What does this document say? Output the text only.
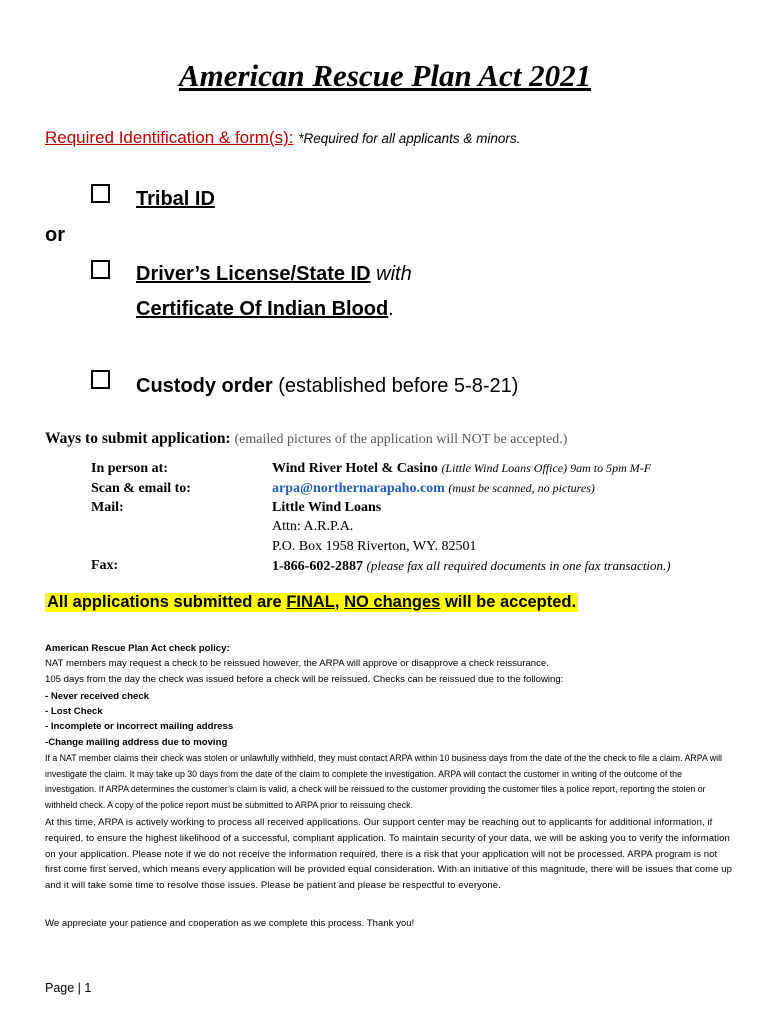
American Rescue Plan Act 2021
Required Identification & form(s): *Required for all applicants & minors.
Tribal ID
or
Driver’s License/State ID with
Certificate Of Indian Blood.
Custody order (established before 5-8-21)
Ways to submit application: (emailed pictures of the application will NOT be accepted.)
In person at:	Wind River Hotel & Casino (Little Wind Loans Office) 9am to 5pm M-F
Scan & email to:	arpa@northernarapaho.com (must be scanned, no pictures)
Mail:	Little Wind Loans
Attn: A.R.P.A.
P.O. Box 1958 Riverton, WY. 82501
Fax:	1-866-602-2887 (please fax all required documents in one fax transaction.)
All applications submitted are FINAL, NO changes will be accepted.
American Rescue Plan Act check policy:
NAT members may request a check to be reissued however, the ARPA will approve or disapprove a check reissurance.
105 days from the day the check was issued before a check will be reissued. Checks can be reissued due to the following:
- Never received check
- Lost Check
- Incomplete or incorrect mailing address
-Change mailing address due to moving
If a NAT member claims their check was stolen or unlawfully withheld, they must contact ARPA within 10 business days from the date of the the check to file a claim. ARPA will investigate the claim. It may take up 30 days from the date of the claim to complete the investigation. ARPA will contact the customer in writing of the outcome of the investigation. If ARPA determines the customer’s claim is valid, a check will be reissued to the customer providing the customer files a police report, reporting the stolen or withheld check. A copy of the police report must be submitted to ARPA prior to reissuing check.
At this time, ARPA is actively working to process all received applications. Our support center may be reaching out to applicants for additional information, if required, to ensure the highest likelihood of a successful, compliant application. To maintain security of your data, we will be asking you to verify the information on your application. Please note if we do not receive the information required, there is a risk that your application will not be processed. ARPA program is not first come first served, which means every application will be provided equal consideration. With an initiative of this magnitude, there will be issues that come up and it will take some time to resolve those issues. Please be patient and please be respectful to everyone.
We appreciate your patience and cooperation as we complete this process. Thank you!
Page | 1
